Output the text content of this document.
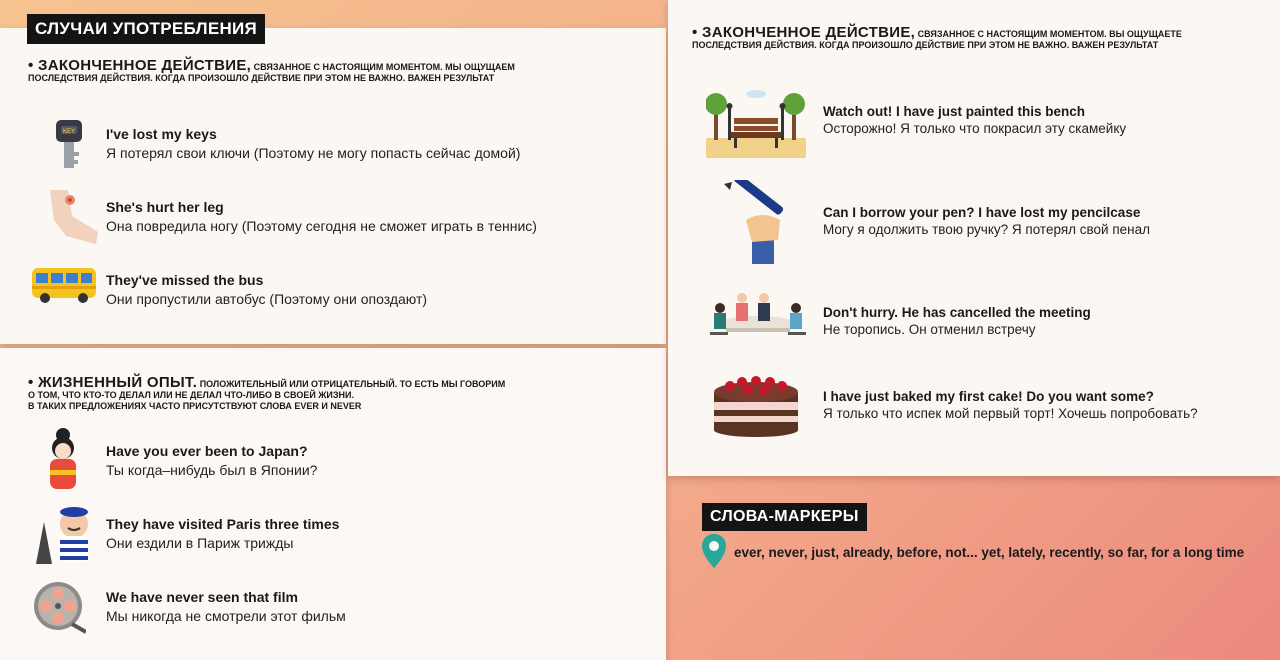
СЛУЧАИ УПОТРЕБЛЕНИЯ
• ЗАКОНЧЕННОЕ ДЕЙСТВИЕ, СВЯЗАННОЕ С НАСТОЯЩИМ МОМЕНТОМ. МЫ ОЩУЩАЕМ
ПОСЛЕДСТВИЯ ДЕЙСТВИЯ. КОГДА ПРОИЗОШЛО ДЕЙСТВИЕ ПРИ ЭТОМ НЕ ВАЖНО. ВАЖЕН РЕЗУЛЬТАТ
KEY I've lost my keys
Я потерял свои ключи (Поэтому не могу попасть сейчас домой)
She's hurt her leg
Она повредила ногу (Поэтому сегодня не сможет играть в теннис)
They've missed the bus
Они пропустили автобус (Поэтому они опоздают)
• ЖИЗНЕННЫЙ ОПЫТ. ПОЛОЖИТЕЛЬНЫЙ ИЛИ ОТРИЦАТЕЛЬНЫЙ. ТО ЕСТЬ МЫ ГОВОРИМ
О ТОМ, ЧТО КТО-ТО ДЕЛАЛ ИЛИ НЕ ДЕЛАЛ ЧТО-ЛИБО В СВОЕЙ ЖИЗНИ.
В ТАКИХ ПРЕДЛОЖЕНИЯХ ЧАСТО ПРИСУТСТВУЮТ СЛОВА EVER И NEVER
Have you ever been to Japan?
Ты когда–нибудь был в Японии?
They have visited Paris three times
Они ездили в Париж трижды
We have never seen that film
Мы никогда не смотрели этот фильм
• ЗАКОНЧЕННОЕ ДЕЙСТВИЕ, СВЯЗАННОЕ С НАСТОЯЩИМ МОМЕНТОМ. ВЫ ОЩУЩАЕТЕ
ПОСЛЕДСТВИЯ ДЕЙСТВИЯ. КОГДА ПРОИЗОШЛО ДЕЙСТВИЕ ПРИ ЭТОМ НЕ ВАЖНО. ВАЖЕН РЕЗУЛЬТАТ
Watch out! I have just painted this bench
Осторожно! Я только что покрасил эту скамейку
Can I borrow your pen? I have lost my pencilcase
Могу я одолжить твою ручку? Я потерял свой пенал
Don't hurry. He has cancelled the meeting
Не торопись. Он отменил встречу
I have just baked my first cake! Do you want some?
Я только что испек мой первый торт! Хочешь попробовать?
СЛОВА-МАРКЕРЫ
ever, never, just, already, before, not... yet, lately, recently, so far, for a long time
